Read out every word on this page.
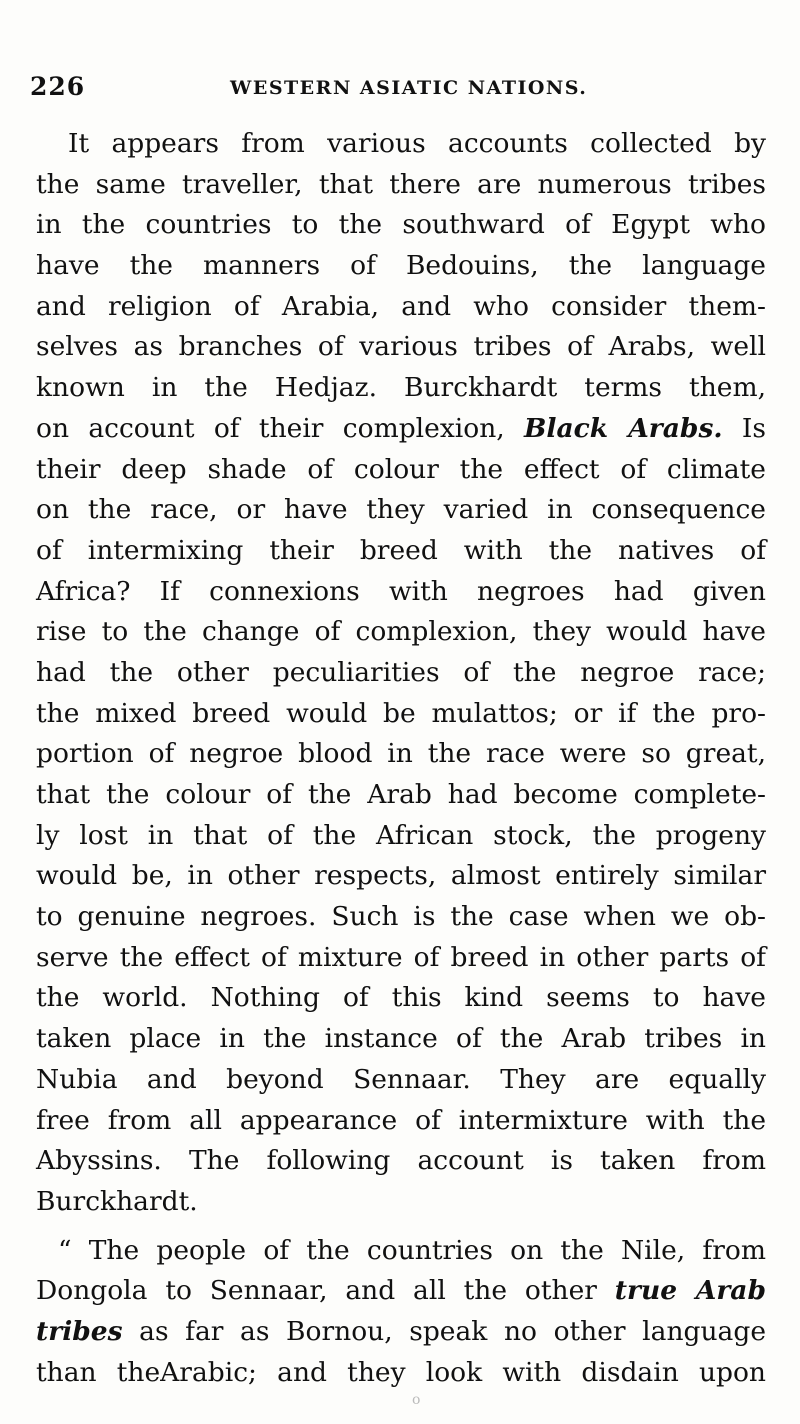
226	WESTERN ASIATIC NATIONS.
It appears from various accounts collected by
the same traveller, that there are numerous tribes
in the countries to the southward of Egypt who
have the manners of Bedouins, the language
and religion of Arabia, and who consider them-
selves as branches of various tribes of Arabs, well
known in the Hedjaz. Burckhardt terms them,
on account of their complexion, Black Arabs. Is
their deep shade of colour the effect of climate
on the race, or have they varied in consequence
of intermixing their breed with the natives of
Africa? If connexions with negroes had given
rise to the change of complexion, they would have
had the other peculiarities of the negroe race;
the mixed breed would be mulattos; or if the pro-
portion of negroe blood in the race were so great,
that the colour of the Arab had become complete-
ly lost in that of the African stock, the progeny
would be, in other respects, almost entirely similar
to genuine negroes. Such is the case when we ob-
serve the effect of mixture of breed in other parts of
the world. Nothing of this kind seems to have
taken place in the instance of the Arab tribes in
Nubia and beyond Sennaar. They are equally
free from all appearance of intermixture with the
Abyssins. The following account is taken from
Burckhardt.
“ The people of the countries on the Nile, from
Dongola to Sennaar, and all the other true Arab
tribes as far as Bornou, speak no other language
than theArabic; and they look with disdain upon
o
